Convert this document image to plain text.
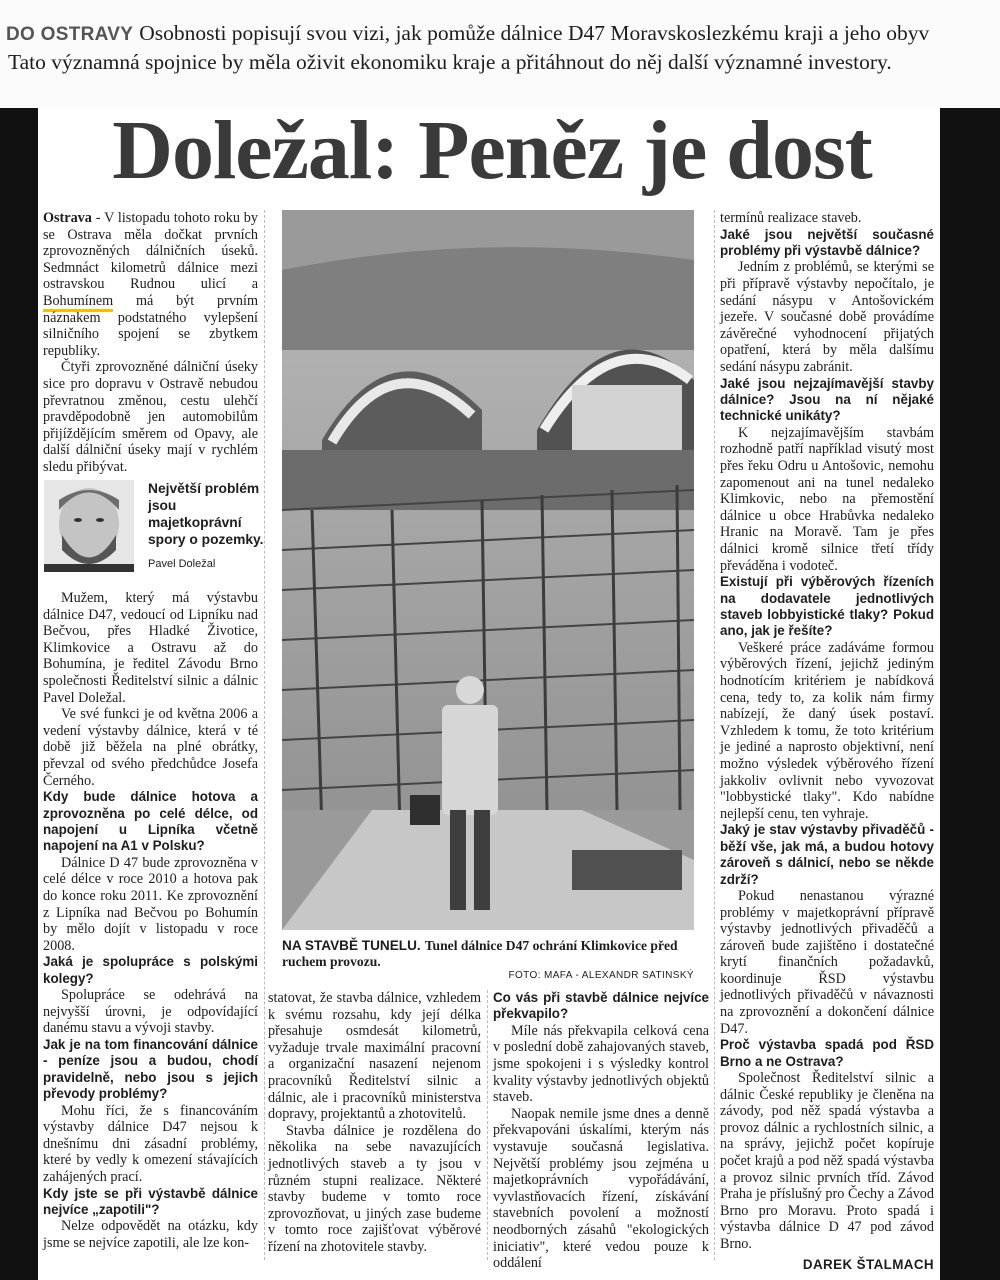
DO OSTRAVY Osobnosti popisují svou vizi, jak pomůže dálnice D47 Moravskoslezkému kraji a jeho obyv
Tato významná spojnice by měla oživit ekonomiku kraje a přitáhnout do něj další významné investory.
Doležal: Peněz je dost

Ostrava - V listopadu tohoto roku by se Ostrava měla dočkat prvních zprovozněných dálničních úseků. Sedmnáct kilometrů dálnice mezi ostravskou Rudnou ulicí a Bohumínem má být prvním náznakem podstatného vylepšení silničního spojení se zbytkem republiky.

Čtyři zprovozněné dálniční úseky sice pro dopravu v Ostravě nebudou převratnou změnou, cestu ulehčí pravděpodobně jen automobilům přijíždějícím směrem od Opavy, ale další dálniční úseky mají v rychlém sledu přibývat.

Největší problém jsou majetkoprávní spory o pozemky.
Pavel Doležal

Mužem, který má výstavbu dálnice D47, vedoucí od Lipníku nad Bečvou, přes Hladké Životice, Klimkovice a Ostravu až do Bohumína, je ředitel Závodu Brno společnosti Ředitelství silnic a dálnic Pavel Doležal.

Ve své funkci je od května 2006 a vedení výstavby dálnice, která v té době již běžela na plné obrátky, převzal od svého předchůdce Josefa Černého.

Kdy bude dálnice hotova a zprovozněna po celé délce, od napojení u Lipníka včetně napojení na A1 v Polsku?

Dálnice D 47 bude zprovozněna v celé délce v roce 2010 a hotova pak do konce roku 2011. Ke zprovoznění z Lipníka nad Bečvou po Bohumín by mělo dojít v listopadu v roce 2008.

Jaká je spolupráce s polskými kolegy?

Spolupráce se odehrává na nejvyšší úrovni, je odpovídající danému stavu a vývoji stavby.

Jak je na tom financování dálnice - peníze jsou a budou, chodí pravidelně, nebo jsou s jejich převody problémy?

Mohu říci, že s financováním výstavby dálnice D47 nejsou k dnešnímu dni zásadní problémy, které by vedly k omezení stávajících zahájených prací.

Kdy jste se při výstavbě dálnice nejvíce „zapotili"?

Nelze odpovědět na otázku, kdy jsme se nejvíce zapotili, ale lze kon-

NA STAVBĚ TUNELU. Tunel dálnice D47 ochrání Klimkovice před ruchem provozu.
FOTO: MAFA - ALEXANDR SATINSKÝ

statovat, že stavba dálnice, vzhledem k svému rozsahu, kdy její délka přesahuje osmdesát kilometrů, vyžaduje trvale maximální pracovní a organizační nasazení nejenom pracovníků Ředitelství silnic a dálnic, ale i pracovníků ministerstva dopravy, projektantů a zhotovitelů.

Stavba dálnice je rozdělena do několika na sebe navazujících jednotlivých staveb a ty jsou v různém stupni realizace. Některé stavby budeme v tomto roce zprovozňovat, u jiných zase budeme v tomto roce zajišťovat výběrové řízení na zhotovitele stavby.

Co vás při stavbě dálnice nejvíce překvapilo?

Míle nás překvapila celková cena v poslední době zahajovaných staveb, jsme spokojeni i s výsledky kontrol kvality výstavby jednotlivých objektů staveb.

Naopak nemile jsme dnes a denně překvapováni úskalími, kterým nás vystavuje současná legislativa. Největší problémy jsou zejména u majetkoprávních vypořádávání, vyvlastňovacích řízení, získávání stavebních povolení a možností neodborných zásahů "ekologických iniciativ", které vedou pouze k oddálení

termínů realizace staveb.

Jaké jsou největší současné problémy při výstavbě dálnice?

Jedním z problémů, se kterými se při přípravě výstavby nepočítalo, je sedání násypu v Antošovickém jezeře. V současné době provádíme závěrečné vyhodnocení přijatých opatření, která by měla dalšímu sedání násypu zabránit.

Jaké jsou nejzajímavější stavby dálnice? Jsou na ní nějaké technické unikáty?

K nejzajímavějším stavbám rozhodně patří například visutý most přes řeku Odru u Antošovic, nemohu zapomenout ani na tunel nedaleko Klimkovic, nebo na přemostění dálnice u obce Hrabůvka nedaleko Hranic na Moravě. Tam je přes dálnici kromě silnice třetí třídy převáděna i vodoteč.

Existují při výběrových řízeních na dodavatele jednotlivých staveb lobbyistické tlaky? Pokud ano, jak je řešíte?

Veškeré práce zadáváme formou výběrových řízení, jejichž jediným hodnotícím kritériem je nabídková cena, tedy to, za kolik nám firmy nabízejí, že daný úsek postaví. Vzhledem k tomu, že toto kritérium je jediné a naprosto objektivní, není možno výsledek výběrového řízení jakkoliv ovlivnit nebo vyvozovat "lobbystické tlaky". Kdo nabídne nejlepší cenu, ten vyhraje.

Jaký je stav výstavby přivaděčů - běží vše, jak má, a budou hotovy zároveň s dálnicí, nebo se někde zdrží?

Pokud nenastanou výrazné problémy v majetkoprávní přípravě výstavby jednotlivých přivaděčů a zároveň bude zajištěno i dostatečné krytí finančních požadavků, koordinuje ŘSD výstavbu jednotlivých přivaděčů v návaznosti na zprovoznění a dokončení dálnice D47.

Proč výstavba spadá pod ŘSD Brno a ne Ostrava?

Společnost Ředitelství silnic a dálnic České republiky je členěna na závody, pod něž spadá výstavba a provoz dálnic a rychlostních silnic, a na správy, jejichž počet kopíruje počet krajů a pod něž spadá výstavba a provoz silnic prvních tříd. Závod Praha je příslušný pro Čechy a Závod Brno pro Moravu. Proto spadá i výstavba dálnice D 47 pod závod Brno.

DAREK ŠTALMACH
